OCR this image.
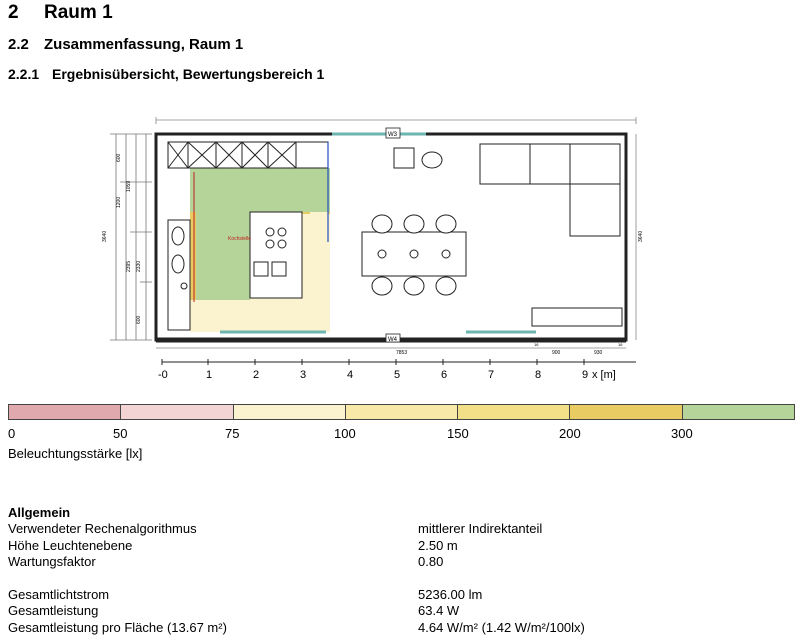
2 Raum 1
2.2 Zusammenfassung, Raum 1
2.2.1 Ergebnisübersicht, Bewertungsbereich 1
3640
600
1200
2395 2330
600
1059
W3
W4
Kochstelle	3640
7853
16
900	930
16
-0	1	2	3	4	5	6	7	8	9 x [m]
0	50	75	100	150	200	300
Beleuchtungsstärke [lx]
Allgemein
Verwendeter Rechenalgorithmus	mittlerer Indirektanteil
Höhe Leuchtenebene	2.50 m
Wartungsfaktor	0.80
Gesamtlichtstrom	5236.00 lm
Gesamtleistung	63.4 W
Gesamtleistung pro Fläche (13.67 m²)	4.64 W/m² (1.42 W/m²/100lx)
